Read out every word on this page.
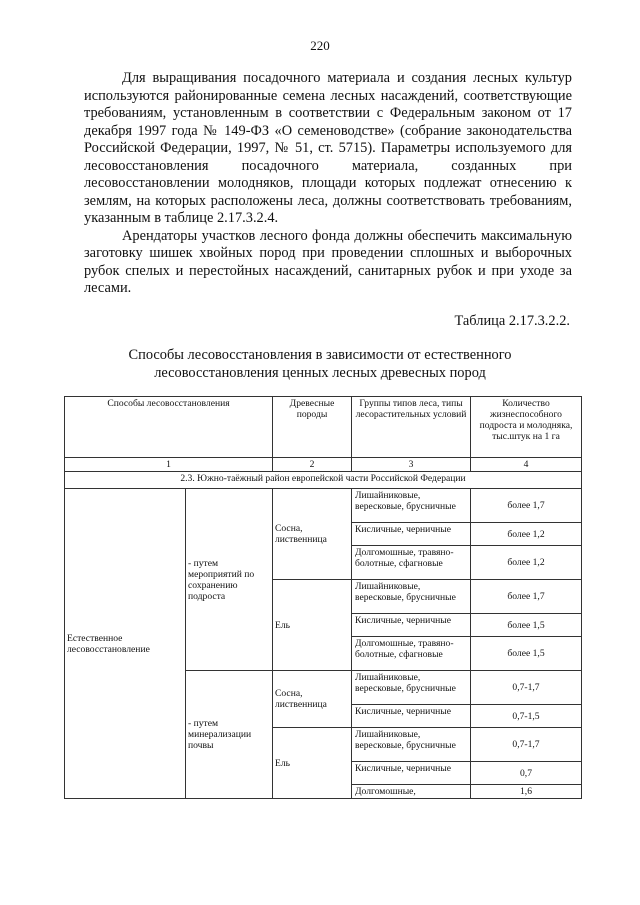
220

Для выращивания посадочного материала и создания лесных культур используются районированные семена лесных насаждений, соответствующие требованиям, установленным в соответствии с Федеральным законом от 17 декабря 1997 года № 149-ФЗ «О семеноводстве» (собрание законодательства Российской Федерации, 1997, № 51, ст. 5715). Параметры используемого для лесовосстановления посадочного материала, созданных при лесовосстановлении молодняков, площади которых подлежат отнесению к землям, на которых расположены леса, должны соответствовать требованиям, указанным в таблице 2.17.3.2.4.

Арендаторы участков лесного фонда должны обеспечить максимальную заготовку шишек хвойных пород при проведении сплошных и выборочных рубок спелых и перестойных насаждений, санитарных рубок и при уходе за лесами.

Таблица 2.17.3.2.2.
Способы лесовосстановления в зависимости от естественного
лесовосстановления ценных лесных древесных пород
Способы лесовосстановления		Древесные породы	Группы типов леса, типы лесорастительных условий	Количество жизнеспособного подроста и молодняка, тыс.штук на 1 га
1		2	3	4
2.3. Южно-таёжный район европейской части Российской Федерации				
Естественное лесовосстановление	- путем мероприятий по сохранению подроста	Сосна, лиственница	Лишайниковые, вересковые, брусничные	более 1,7
			Кисличные, черничные	более 1,2
			Долгомошные, травяно-болотные, сфагновые	более 1,2
		Ель	Лишайниковые, вересковые, брусничные	более 1,7
			Кисличные, черничные	более 1,5
			Долгомошные, травяно-болотные, сфагновые	более 1,5
	- путем минерализации почвы	Сосна, лиственница	Лишайниковые, вересковые, брусничные	0,7-1,7
			Кисличные, черничные	0,7-1,5
		Ель	Лишайниковые, вересковые, брусничные	0,7-1,7
			Кисличные, черничные	0,7
			Долгомошные,	1,6
